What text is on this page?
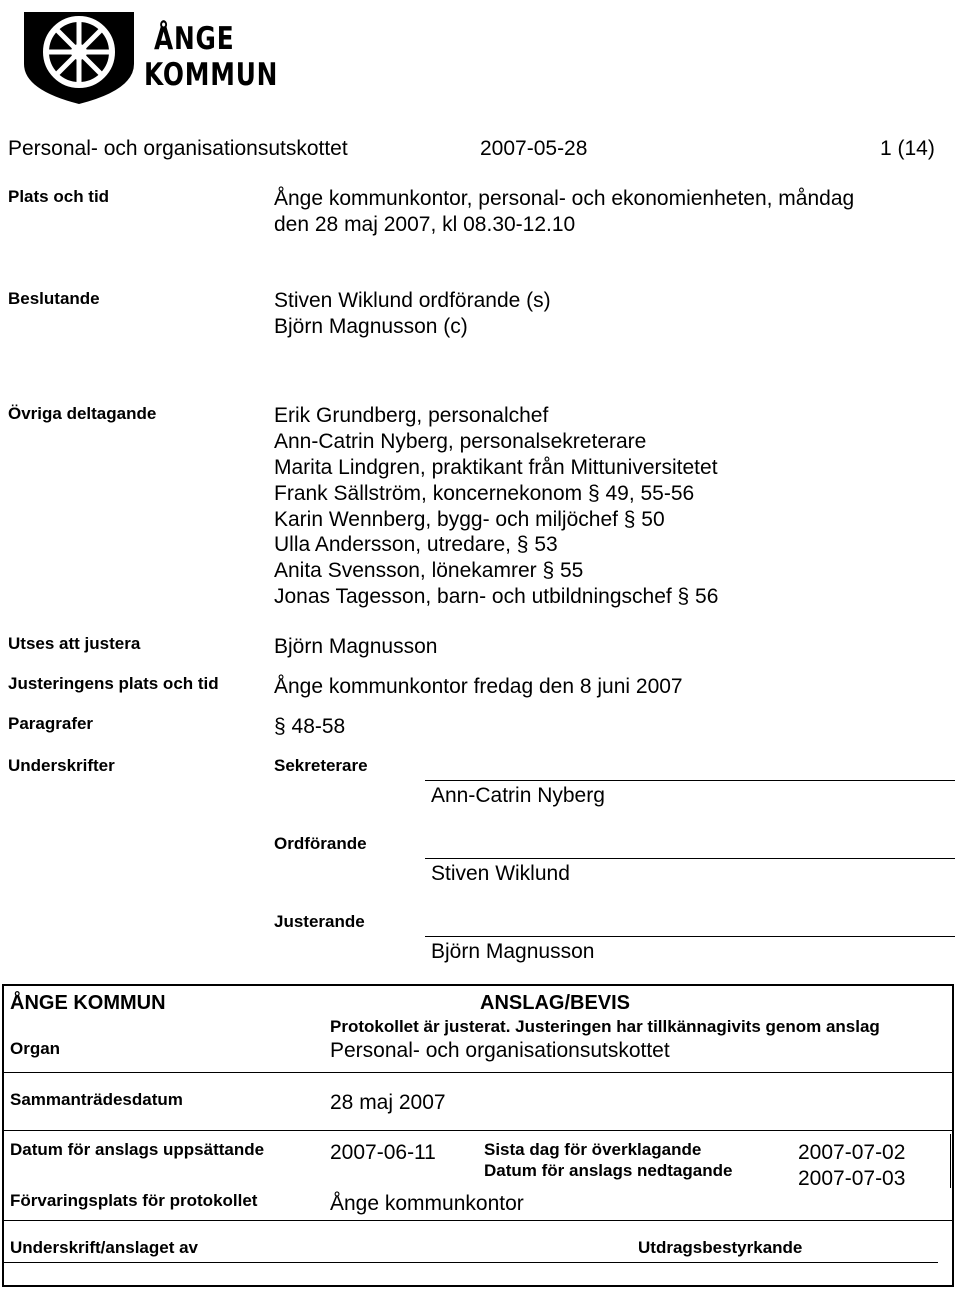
ÅNGE
KOMMUN
Personal- och organisationsutskottet	2007-05-28	1 (14)
Plats och tid	Ånge kommunkontor, personal- och ekonomienheten, måndag
den 28 maj 2007, kl 08.30-12.10
Beslutande	Stiven Wiklund ordförande (s)
Björn Magnusson (c)
Övriga deltagande	Erik Grundberg, personalchef
Ann-Catrin Nyberg, personalsekreterare
Marita Lindgren, praktikant från Mittuniversitetet
Frank Sällström, koncernekonom § 49, 55-56
Karin Wennberg, bygg- och miljöchef § 50
Ulla Andersson, utredare, § 53
Anita Svensson, lönekamrer § 55
Jonas Tagesson, barn- och utbildningschef § 56
Utses att justera	Björn Magnusson
Justeringens plats och tid	Ånge kommunkontor fredag den 8 juni 2007
Paragrafer	§ 48-58
Underskrifter	Sekreterare
Ann-Catrin Nyberg
Ordförande
Stiven Wiklund
Justerande
Björn Magnusson
ÅNGE KOMMUN	ANSLAG/BEVIS
Protokollet är justerat. Justeringen har tillkännagivits genom anslag
Organ	Personal- och organisationsutskottet
Sammanträdesdatum	28 maj 2007
Datum för anslags uppsättande	2007-06-11	Sista dag för överklagande	2007-07-02
Datum för anslags nedtagande	2007-07-03
Förvaringsplats för protokollet	Ånge kommunkontor
Underskrift/anslaget av	Utdragsbestyrkande
